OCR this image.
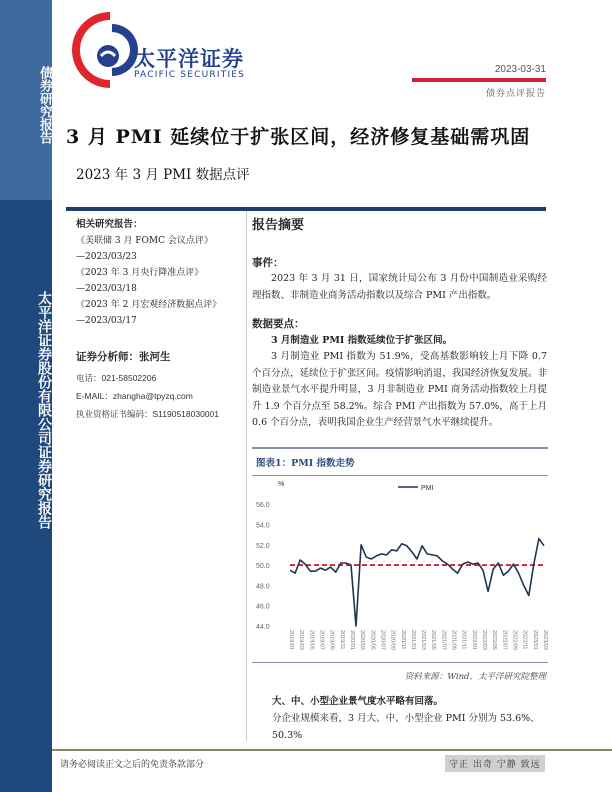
债券研究报告
太平洋证券股份有限公司证券研究报告
太平洋证券
PACIFIC SECURITIES	2023-03-31
债券点评报告
3 月 PMI 延续位于扩张区间，经济修复基础需巩固
2023 年 3 月 PMI 数据点评
相关研究报告：
《美联储 3 月 FOMC 会议点评》
—2023/03/23
《2023 年 3 月央行降准点评》
—2023/03/18
《2023 年 2 月宏观经济数据点评》
—2023/03/17
证券分析师：张河生
电话：021-58502206
E-MAIL：zhangha@tpyzq.com
执业资格证书编码：S1190518030001
报告摘要
事件：
2023 年 3 月 31 日，国家统计局公布 3 月份中国制造业采购经理指数、非制造业商务活动指数以及综合 PMI 产出指数。
数据要点：
3 月制造业 PMI 指数延续位于扩张区间。
3 月制造业 PMI 指数为 51.9%，受高基数影响较上月下降 0.7 个百分点，延续位于扩张区间。疫情影响消退，我国经济恢复发展。非制造业景气水平提升明显，3 月非制造业 PMI 商务活动指数较上月提升 1.9 个百分点至 58.2%。综合 PMI 产出指数为 57.0%，高于上月 0.6 个百分点，表明我国企业生产经营景气水平继续提升。
图表1：PMI 指数走势
%
44.0
46.0
48.0
50.0
52.0
54.0
56.0
2019/01 2019/03 2019/05 2019/07 2019/09 2019/11 2020/01 2020/03 2020/05 2020/07 2020/09 2020/11 2021/01 2021/03 2021/05 2021/07 2021/09 2021/11 2022/01 2022/03 2022/05 2022/07 2022/09 2022/11 2023/01 2023/03
PMI
资料来源：Wind，太平洋研究院整理
大、中、小型企业景气度水平略有回落。
分企业规模来看，3 月大、中、小型企业 PMI 分别为 53.6%、50.3%
请务必阅读正文之后的免责条款部分	守正 出奇 宁静 致远
